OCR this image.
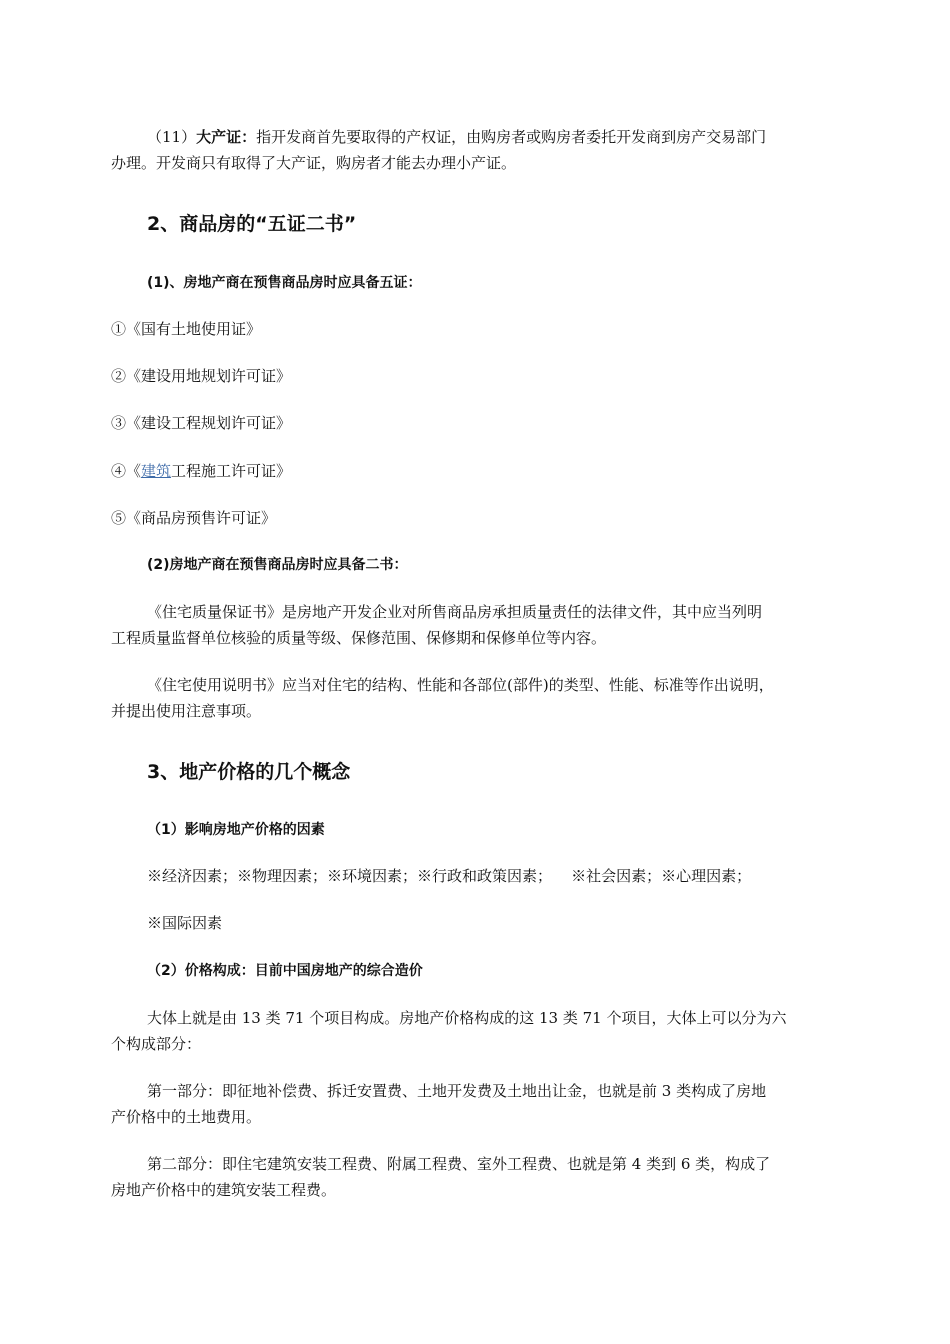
（11）大产证：指开发商首先要取得的产权证，由购房者或购房者委托开发商到房产交易部门
办理。开发商只有取得了大产证，购房者才能去办理小产证。
2、商品房的“五证二书”
(1)、房地产商在预售商品房时应具备五证：
①《国有土地使用证》
②《建设用地规划许可证》
③《建设工程规划许可证》
④《建筑工程施工许可证》
⑤《商品房预售许可证》
(2)房地产商在预售商品房时应具备二书：
《住宅质量保证书》是房地产开发企业对所售商品房承担质量责任的法律文件，其中应当列明
工程质量监督单位核验的质量等级、保修范围、保修期和保修单位等内容。
《住宅使用说明书》应当对住宅的结构、性能和各部位(部件)的类型、性能、标准等作出说明，
并提出使用注意事项。
3、地产价格的几个概念
（1）影响房地产价格的因素
※经济因素；※物理因素；※环境因素；※行政和政策因素；    ※社会因素；※心理因素；
※国际因素
（2）价格构成：目前中国房地产的综合造价
大体上就是由 13 类 71 个项目构成。房地产价格构成的这 13 类 71 个项目，大体上可以分为六
个构成部分：
第一部分：即征地补偿费、拆迁安置费、土地开发费及土地出让金，也就是前 3 类构成了房地
产价格中的土地费用。
第二部分：即住宅建筑安装工程费、附属工程费、室外工程费、也就是第 4 类到 6 类，构成了
房地产价格中的建筑安装工程费。
